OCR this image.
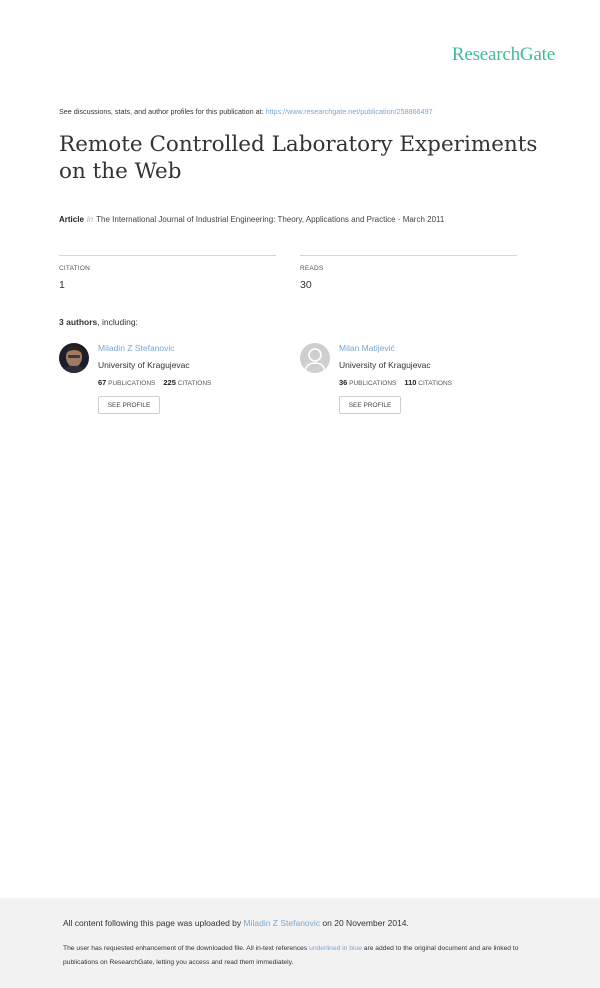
ResearchGate
See discussions, stats, and author profiles for this publication at: https://www.researchgate.net/publication/258866497
Remote Controlled Laboratory Experiments on the Web
Article in The International Journal of Industrial Engineering: Theory, Applications and Practice · March 2011
CITATION
1
READS
30
3 authors, including:
Miladin Z Stefanovic
University of Kragujevac
67 PUBLICATIONS 225 CITATIONS
SEE PROFILE
Milan Matijević
University of Kragujevac
36 PUBLICATIONS 110 CITATIONS
SEE PROFILE
All content following this page was uploaded by Miladin Z Stefanovic on 20 November 2014.
The user has requested enhancement of the downloaded file. All in-text references underlined in blue are added to the original document and are linked to publications on ResearchGate, letting you access and read them immediately.
